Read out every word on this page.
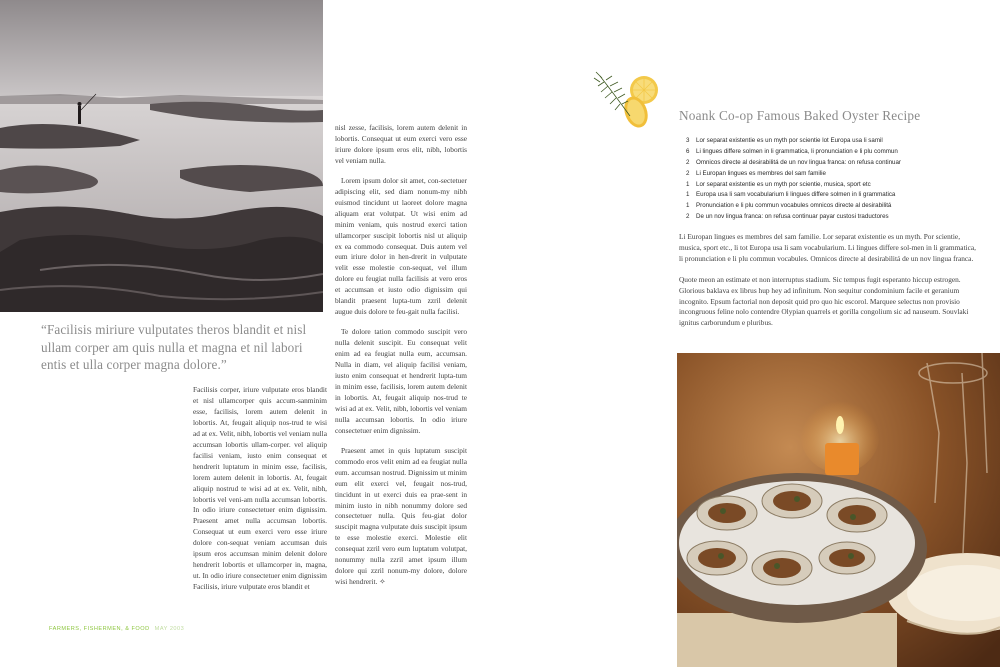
“Facilisis miriure vulputates theros blandit et nisl ullam corper am quis nulla et magna et nil labori entis et ulla corper magna dolore.”

Facilisis corper, iriure vulputate eros blandit et nisl ullamcorper quis accum-sanminim esse, facilisis, lorem autem delenit in lobortis. At, feugait aliquip nos-trud te wisi ad at ex. Velit, nibh, lobortis vel veniam nulla accumsan lobortis ullam-corper. vel aliquip facilisi veniam, iusto enim consequat et hendrerit luptatum in minim esse, facilisis, lorem autem delenit in lobortis. At, feugait aliquip nostrud te wisi ad at ex. Velit, nibh, lobortis vel veni-am nulla accumsan lobortis. In odio iriure consectetuer enim dignissim. Praesent amet nulla accumsan lobortis. Consequat ut eum exerci vero esse iriure dolore con-sequat veniam accumsan duis ipsum eros accumsan minim delenit dolore hendrerit lobortis et ullamcorper in, magna, ut. In odio iriure consectetuer enim dignissim Facilisis, iriure vulputate eros blandit et

nisl zesse, facilisis, lorem autem delenit in lobortis. Consequat ut eum exerci vero esse iriure dolore ipsum eros elit, nibh, lobortis vel veniam nulla.

Lorem ipsum dolor sit amet, con-sectetuer adipiscing elit, sed diam nonum-my nibh euismod tincidunt ut laoreet dolore magna aliquam erat volutpat. Ut wisi enim ad minim veniam, quis nostrud exerci tation ullamcorper suscipit lobortis nisl ut aliquip ex ea commodo consequat. Duis autem vel eum iriure dolor in hen-drerit in vulputate velit esse molestie con-sequat, vel illum dolore eu feugiat nulla facilisis at vero eros et accumsan et iusto odio dignissim qui blandit praesent lupta-tum zzril delenit augue duis dolore te feu-gait nulla facilisi.

Te dolore tation commodo suscipit vero nulla delenit suscipit. Eu consequat velit enim ad ea feugiat nulla eum, accumsan. Nulla in diam, vel aliquip facilisi veniam, iusto enim consequat et hendrerit lupta-tum in minim esse, facilisis, lorem autem delenit in lobortis. At, feugait aliquip nos-trud te wisi ad at ex. Velit, nibh, lobortis vel veniam nulla accumsan lobortis. In odio iriure consectetuer enim dignissim.

Praesent amet in quis luptatum suscipit commodo eros velit enim ad ea feugiat nulla eum. accumsan nostrud. Dignissim ut minim eum elit exerci vel, feugait nos-trud, tincidunt in ut exerci duis ea prae-sent in minim iusto in nibh nonummy dolore sed consectetuer nulla. Quis feu-giat dolor suscipit magna vulputate duis suscipit ipsum te esse molestie exerci. Molestie elit consequat zzril vero eum luptatum volutpat, nonummy nulla zzril amet ipsum illum dolore qui zzril nonum-my dolore, dolore wisi hendrerit. ✧

Noank Co-op Famous Baked Oyster Recipe
3 Lor separat existentie es un myth por scientie lot Europa usa li samil
6 Li lingues differe solmen in li grammatica, li pronunciation e li plu commun
2 Omnicos directe al desirabilitá de un nov lingua franca: on refusa continuar
2 Li Europan lingues es membres del sam familie
1 Lor separat existentie es un myth por scientie, musica, sport etc
1 Europa usa li sam vocabularium li lingues differe solmen in li grammatica
1 Pronunciation e li plu commun vocabules omnicos directe al desirabilitá
2 De un nov lingua franca: on refusa continuar payar custosi traductores

Li Europan lingues es membres del sam familie. Lor separat existentie es un myth. Por scientie, musica, sport etc., li tot Europa usa li sam vocabularium. Li lingues differe sol-men in li grammatica, li pronunciation e li plu commun vocabules. Omnicos directe al desirabilitá de un nov lingua franca.

Quote meon an estimate et non interruptus stadium. Sic tempus fugit esperanto hiccup estrogen. Glorious baklava ex librus hup hey ad infinitum. Non sequitur condominium facile et geranium incognito. Epsum factorial non deposit quid pro quo hic escorol. Marquee selectus non provisio incongruous feline nolo contendre Olypian quarrels et gorilla congolium sic ad nauseum. Souvlaki ignitus carborundum e pluribus.

FARMERS, FISHERMEN, & FOOD MAY 2003
